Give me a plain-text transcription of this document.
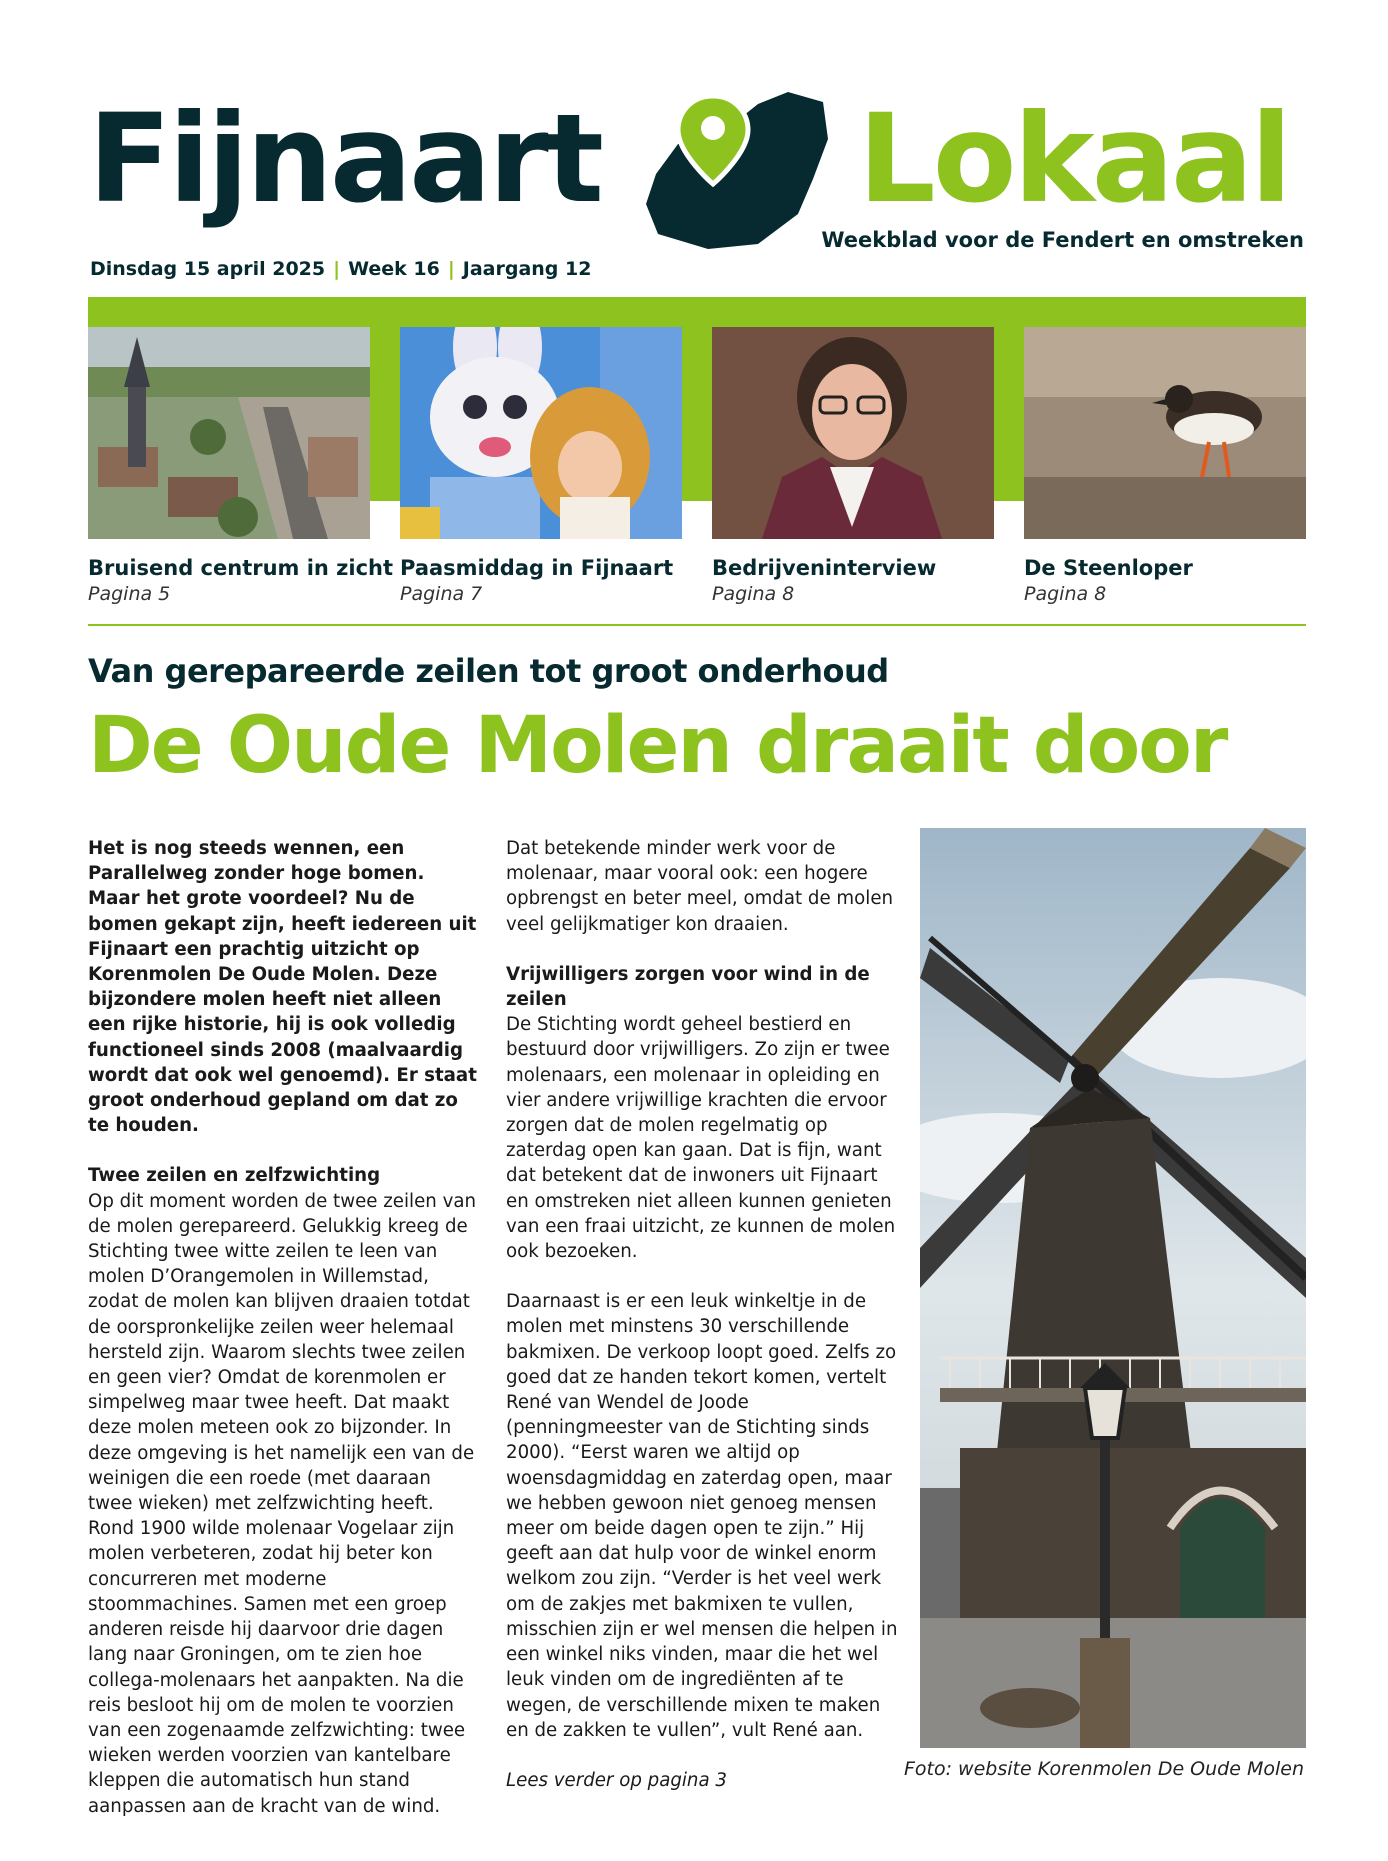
Fijnaart Lokaal
Weekblad voor de Fendert en omstreken
Dinsdag 15 april 2025 | Week 16 | Jaargang 12
Bruisend centrum in zicht
Pagina 5
Paasmiddag in Fijnaart
Pagina 7
Bedrijveninterview
Pagina 8
De Steenloper
Pagina 8
Van gerepareerde zeilen tot groot onderhoud
De Oude Molen draait door

Het is nog steeds wennen, een Parallelweg zonder hoge bomen. Maar het grote voordeel? Nu de bomen gekapt zijn, heeft iedereen uit Fijnaart een prachtig uitzicht op Korenmolen De Oude Molen. Deze bijzondere molen heeft niet alleen een rijke historie, hij is ook volledig functioneel sinds 2008 (maalvaardig wordt dat ook wel genoemd). Er staat groot onderhoud gepland om dat zo te houden.

Twee zeilen en zelfzwichting
Op dit moment worden de twee zeilen van de molen gerepareerd. Gelukkig kreeg de Stichting twee witte zeilen te leen van molen D’Orangemolen in Willemstad, zodat de molen kan blijven draaien totdat de oorspronkelijke zeilen weer helemaal hersteld zijn. Waarom slechts twee zeilen en geen vier? Omdat de korenmolen er simpelweg maar twee heeft. Dat maakt deze molen meteen ook zo bijzonder. In deze omgeving is het namelijk een van de weinigen die een roede (met daaraan twee wieken) met zelfzwichting heeft. Rond 1900 wilde molenaar Vogelaar zijn molen verbeteren, zodat hij beter kon concurreren met moderne stoommachines. Samen met een groep anderen reisde hij daarvoor drie dagen lang naar Groningen, om te zien hoe collega-molenaars het aanpakten. Na die reis besloot hij om de molen te voorzien van een zogenaamde zelfzwichting: twee wieken werden voorzien van kantelbare kleppen die automatisch hun stand aanpassen aan de kracht van de wind.

Dat betekende minder werk voor de molenaar, maar vooral ook: een hogere opbrengst en beter meel, omdat de molen veel gelijkmatiger kon draaien.

Vrijwilligers zorgen voor wind in de zeilen
De Stichting wordt geheel bestierd en bestuurd door vrijwilligers. Zo zijn er twee molenaars, een molenaar in opleiding en vier andere vrijwillige krachten die ervoor zorgen dat de molen regelmatig op zaterdag open kan gaan. Dat is fijn, want dat betekent dat de inwoners uit Fijnaart en omstreken niet alleen kunnen genieten van een fraai uitzicht, ze kunnen de molen ook bezoeken.

Daarnaast is er een leuk winkeltje in de molen met minstens 30 verschillende bakmixen. De verkoop loopt goed. Zelfs zo goed dat ze handen tekort komen, vertelt René van Wendel de Joode (penningmeester van de Stichting sinds 2000). “Eerst waren we altijd op woensdagmiddag en zaterdag open, maar we hebben gewoon niet genoeg mensen meer om beide dagen open te zijn.” Hij geeft aan dat hulp voor de winkel enorm welkom zou zijn. “Verder is het veel werk om de zakjes met bakmixen te vullen, misschien zijn er wel mensen die helpen in een winkel niks vinden, maar die het wel leuk vinden om de ingrediënten af te wegen, de verschillende mixen te maken en de zakken te vullen”, vult René aan.

Lees verder op pagina 3

Foto: website Korenmolen De Oude Molen
